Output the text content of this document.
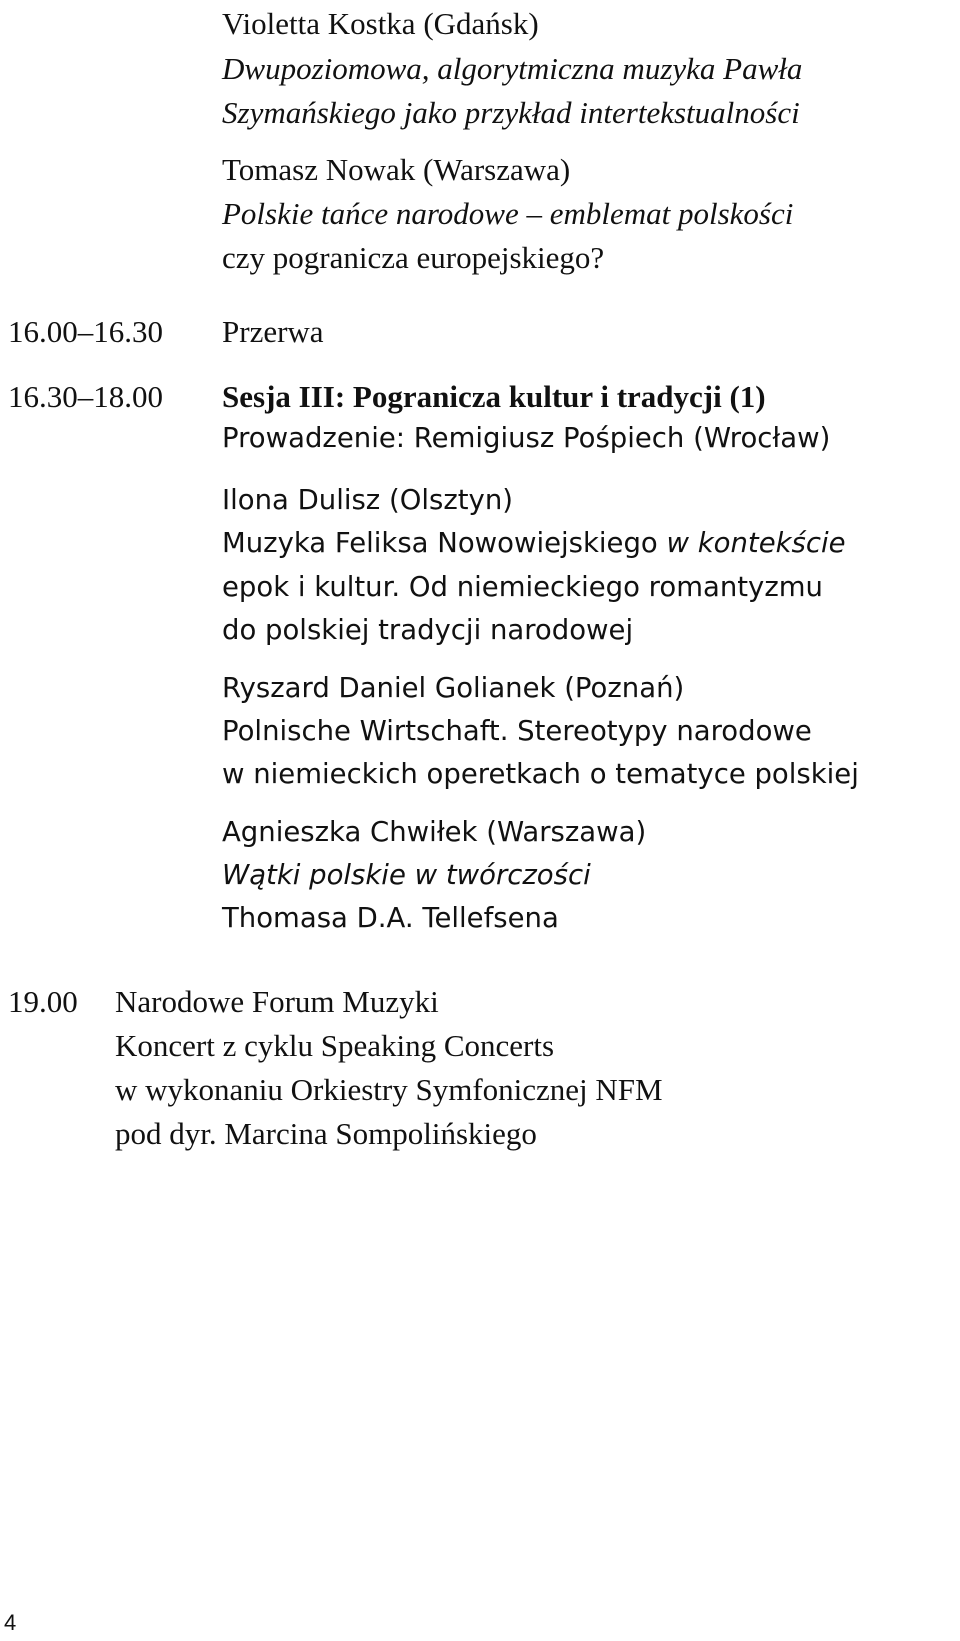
Violetta Kostka (Gdańsk)
Dwupoziomowa, algorytmiczna muzyka Pawła
Szymańskiego jako przykład intertekstualności
Tomasz Nowak (Warszawa)
Polskie tańce narodowe – emblemat polskości
czy pogranicza europejskiego?
16.00–16.30 Przerwa
16.30–18.00 Sesja III: Pogranicza kultur i tradycji (1)
Prowadzenie: Remigiusz Pośpiech (Wrocław)
Ilona Dulisz (Olsztyn)
Muzyka Feliksa Nowowiejskiego w kontekście
epok i kultur. Od niemieckiego romantyzmu
do polskiej tradycji narodowej
Ryszard Daniel Golianek (Poznań)
Polnische Wirtschaft. Stereotypy narodowe
w niemieckich operetkach o tematyce polskiej
Agnieszka Chwiłek (Warszawa)
Wątki polskie w twórczości
Thomasa D.A. Tellefsena
19.00 Narodowe Forum Muzyki
Koncert z cyklu Speaking Concerts
w wykonaniu Orkiestry Symfonicznej NFM
pod dyr. Marcina Sompolińskiego
4
